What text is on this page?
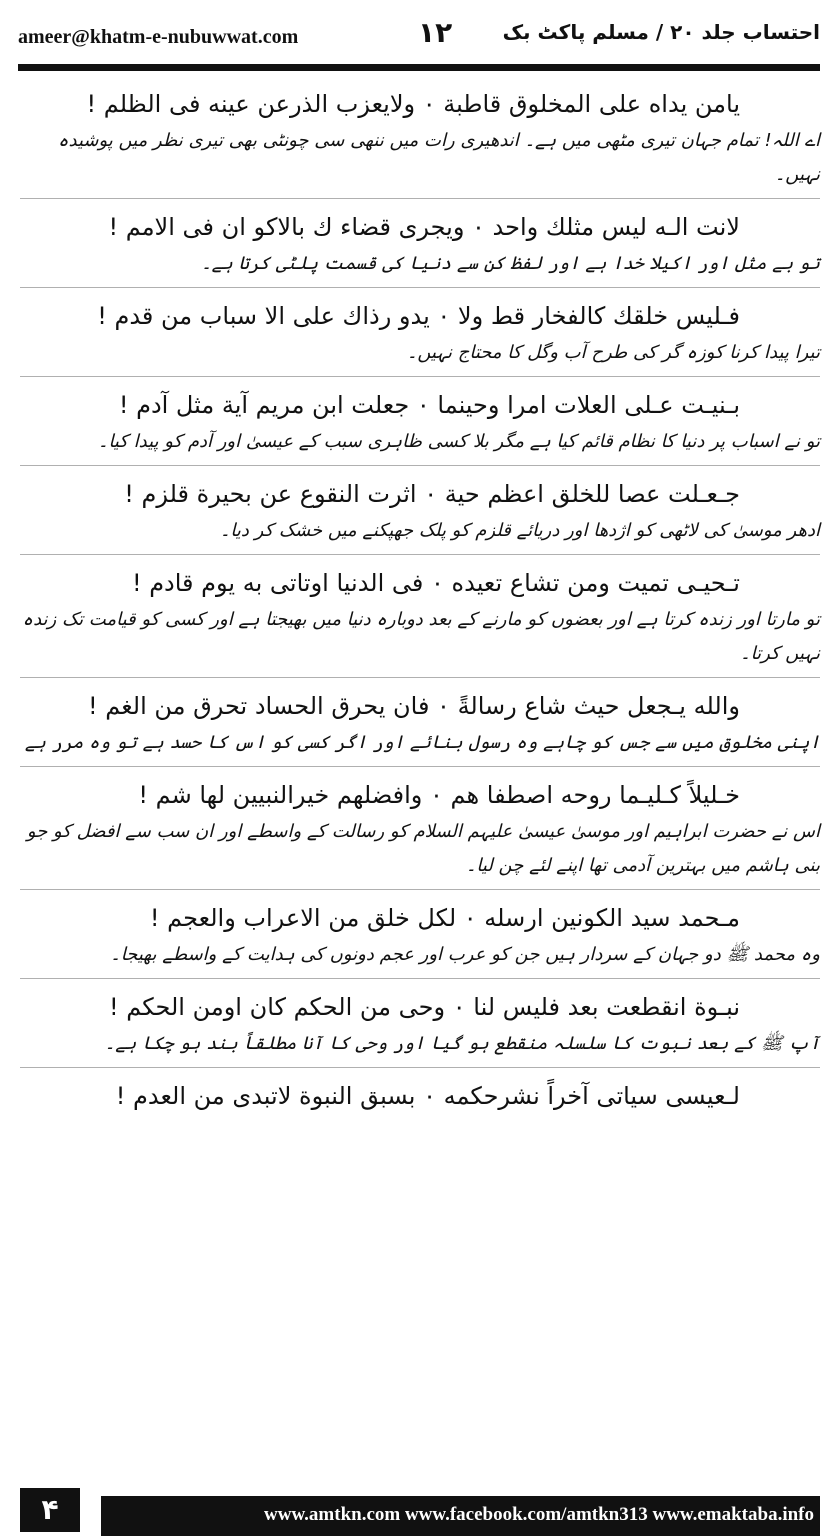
ameer@khatm-e-nubuwwat.com	۱۲	احتساب جلد ۲۰ / مسلم پاکٹ بک
يامن يداه على المخلوق قاطبة ۰ ولايعزب الذرعن عينه فى الظلم !
اے اللہ! تمام جہان تیری مٹھی میں ہے۔ اندھیری رات میں ننھی سی چونٹی بھی تیری نظر میں پوشیدہ نہیں۔
لانت الـه ليس مثلك واحد ۰ ويجرى قضاء ك بالاكو ان فى الامم !
تو بے مثل اور اکیلا خدا ہے اور لفظ کن سے دنیا کی قسمت پلٹی کرتا ہے۔
فـليس خلقك كالفخار قط ولا ۰ يدو رذاك على الا سباب من قدم !
تیرا پیدا کرنا کوزہ گر کی طرح آب وگل کا محتاج نہیں۔
بـنيـت عـلى العلات امرا وحينما ۰ جعلت ابن مريم آية مثل آدم !
تو نے اسباب پر دنیا کا نظام قائم کیا ہے مگر بلا کسی ظاہری سبب کے عیسیٰ اور آدم کو پیدا کیا۔
جـعـلت عصا للخلق اعظم حية ۰ اثرت النقوع عن بحيرة قلزم !
ادھر موسیٰ کی لاٹھی کو اژدھا اور دریائے قلزم کو پلک جھپکنے میں خشک کر دیا۔
تـحيـى تميت ومن تشاع تعيده ۰ فى الدنيا اوتاتى به يوم قادم !
تو مارتا اور زندہ کرتا ہے اور بعضوں کو مارنے کے بعد دوبارہ دنیا میں بھیجتا ہے اور کسی کو قیامت تک زندہ نہیں کرتا۔
والله يـجعل حيث شاع رسالةً ۰ فان يحرق الحساد تحرق من الغم !
اپنی مخلوق میں سے جس کو چاہے وہ رسول بنائے اور اگر کسی کو اس کا حسد ہے تو وہ مرر ہے
خـليلاً كـليـما روحه اصطفا هم ۰ وافضلهم خيرالنبيين لها شم !
اس نے حضرت ابراہیم اور موسیٰ عیسیٰ علیہم السلام کو رسالت کے واسطے اور ان سب سے افضل کو جو بنی ہاشم میں بہترین آدمی تھا اپنے لئے چن لیا۔
مـحمد سيد الكونين ارسله ۰ لكل خلق من الاعراب والعجم !
وہ محمد ﷺ دو جہان کے سردار ہیں جن کو عرب اور عجم دونوں کی ہدایت کے واسطے بھیجا۔
نبـوة انقطعت بعد فليس لنا ۰ وحى من الحكم كان اومن الحكم !
آپ ﷺ کے بعد نبوت کا سلسلہ منقطع ہو گیا اور وحی کا آنا مطلقاً بند ہو چکا ہے۔
لـعيسى سياتى آخراً نشرحكمه ۰ بسبق النبوة لاتبدى من العدم !
۴	www.amtkn.com www.facebook.com/amtkn313 www.emaktaba.info
